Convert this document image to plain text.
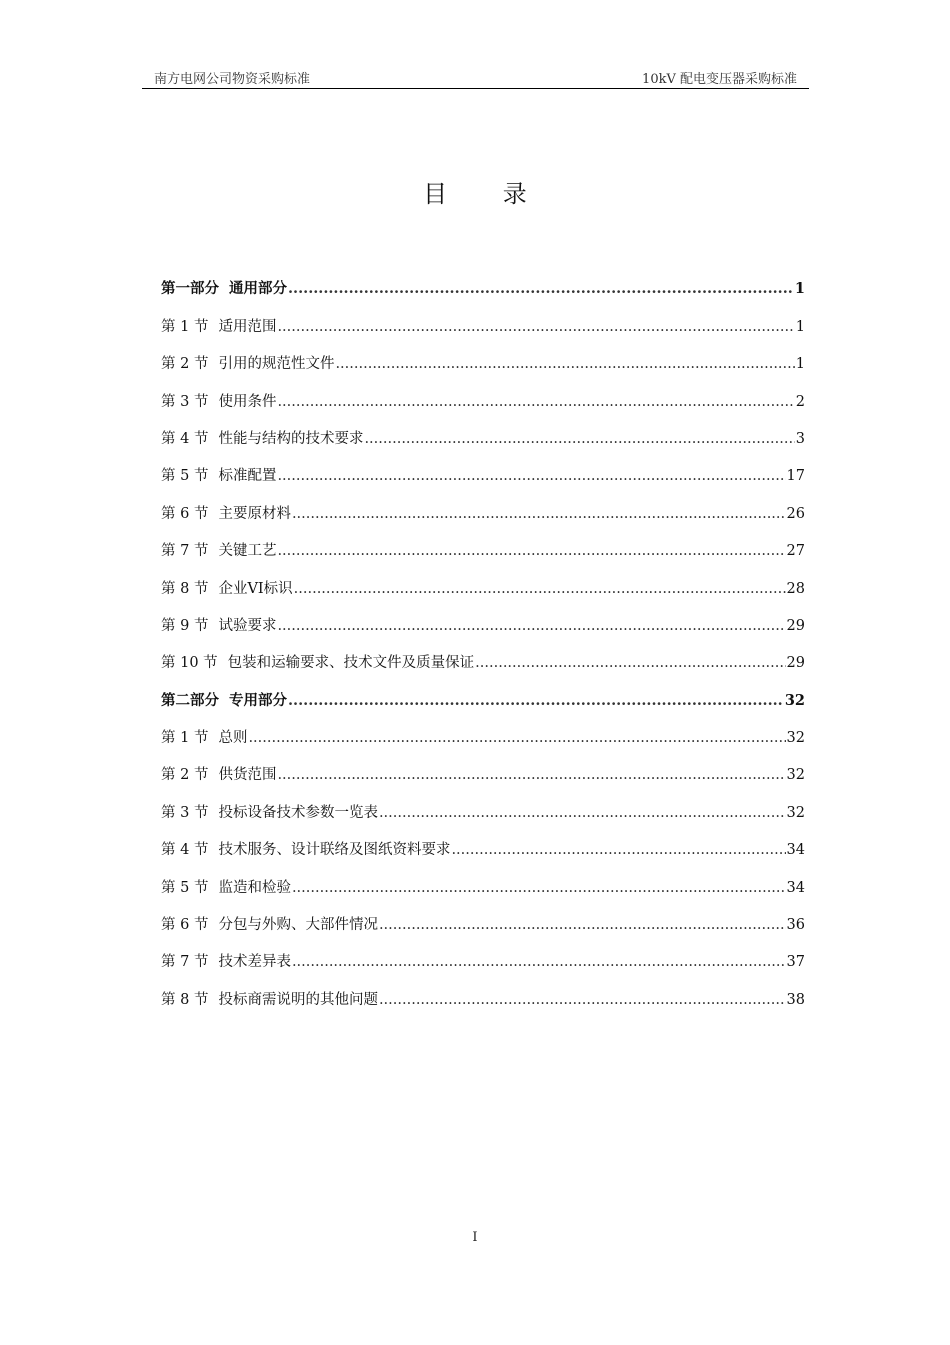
南方电网公司物资采购标准	10kV 配电变压器采购标准
目 录
第一部分 通用部分 .....	1
第 1 节 适用范围 .....	1
第 2 节 引用的规范性文件 .....	1
第 3 节 使用条件 .....	2
第 4 节 性能与结构的技术要求 .....	3
第 5 节 标准配置 .....	17
第 6 节 主要原材料 .....	26
第 7 节 关键工艺 .....	27
第 8 节 企业VI标识 .....	28
第 9 节 试验要求 .....	29
第 10 节 包装和运输要求、技术文件及质量保证 .....	29
第二部分 专用部分 .....	32
第 1 节 总则 .....	32
第 2 节 供货范围 .....	32
第 3 节 投标设备技术参数一览表 .....	32
第 4 节 技术服务、设计联络及图纸资料要求 .....	34
第 5 节 监造和检验 .....	34
第 6 节 分包与外购、大部件情况 .....	36
第 7 节 技术差异表 .....	37
第 8 节 投标商需说明的其他问题 .....	38
I
